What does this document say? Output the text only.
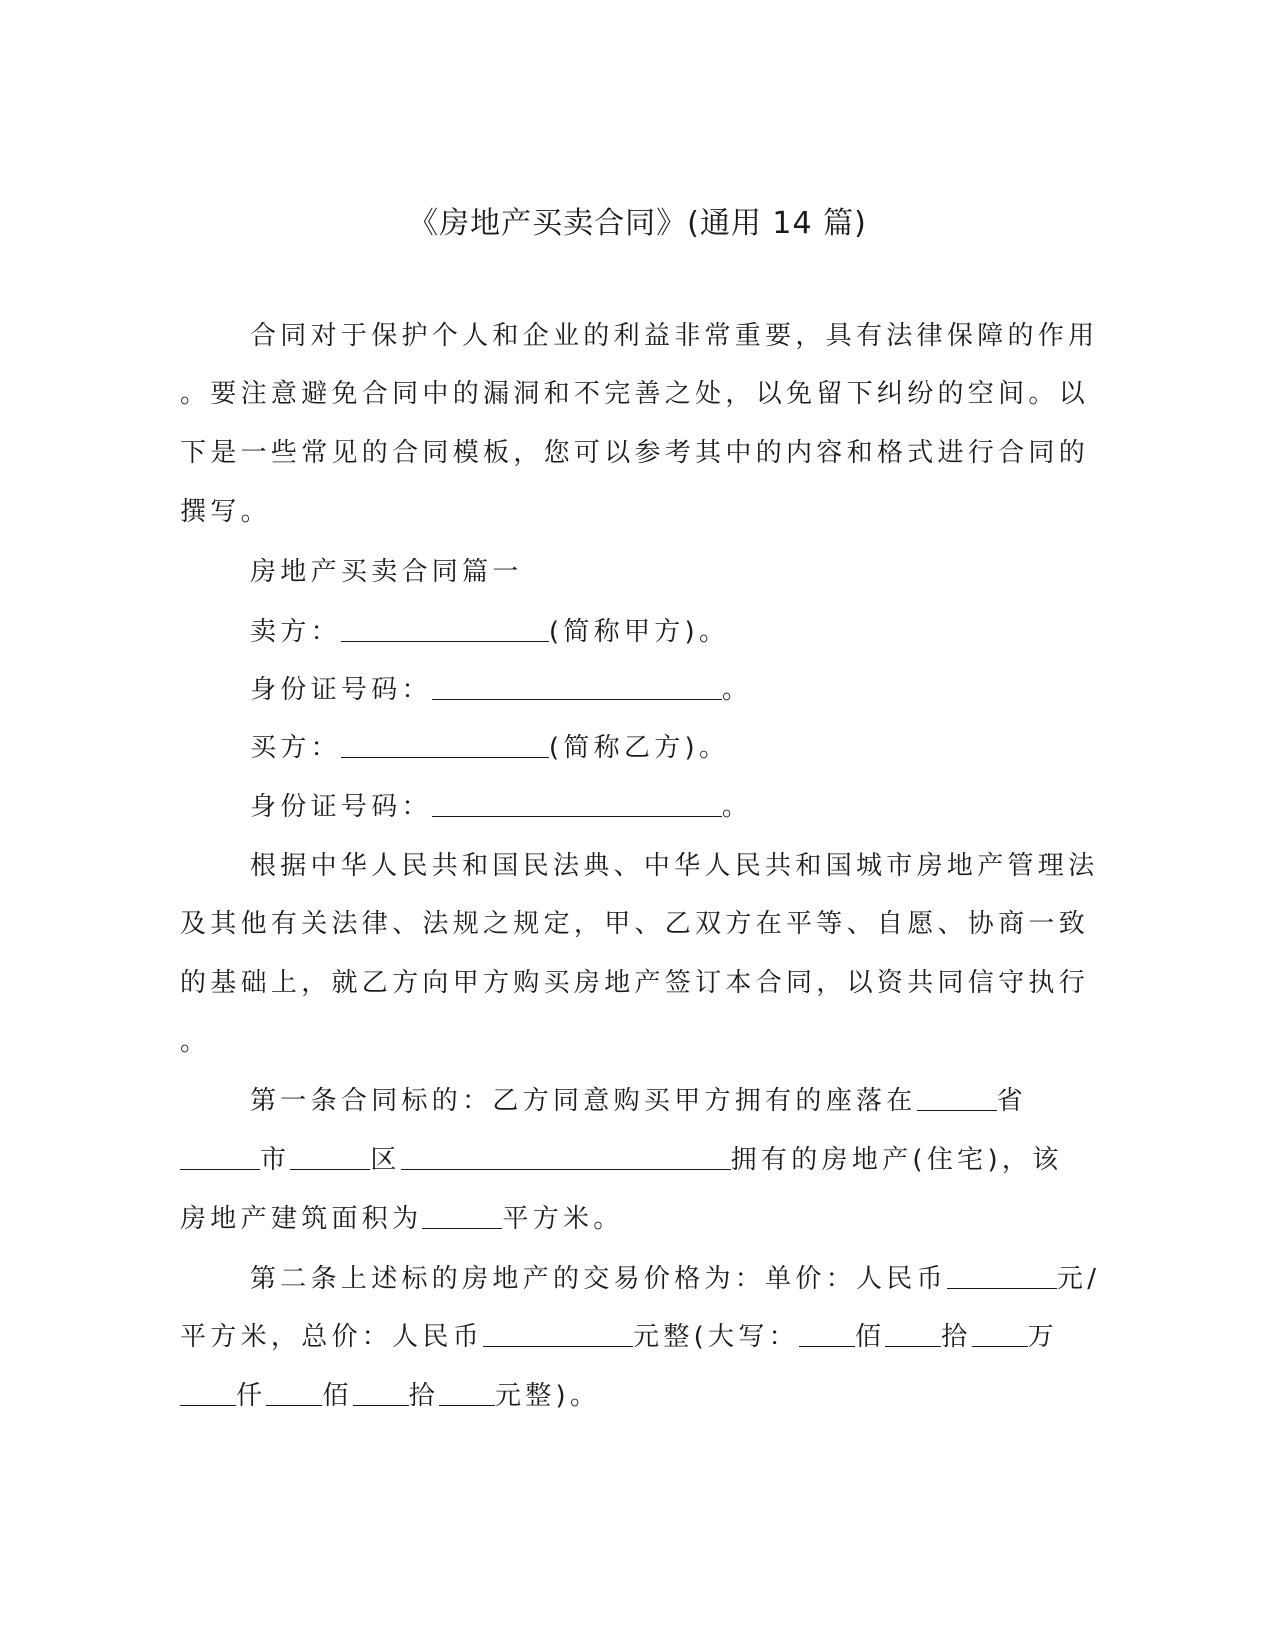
《房地产买卖合同》(通用 14 篇)
合同对于保护个人和企业的利益非常重要，具有法律保障的作用
。要注意避免合同中的漏洞和不完善之处，以免留下纠纷的空间。以
下是一些常见的合同模板，您可以参考其中的内容和格式进行合同的
撰写。
房地产买卖合同篇一
卖方：	(简称甲方)。
身份证号码：	。
买方：	(简称乙方)。
身份证号码：	。
根据中华人民共和国民法典、中华人民共和国城市房地产管理法
及其他有关法律、法规之规定，甲、乙双方在平等、自愿、协商一致
的基础上，就乙方向甲方购买房地产签订本合同，以资共同信守执行
。
第一条合同标的：乙方同意购买甲方拥有的座落在	省
市	区	拥有的房地产(住宅)，该
房地产建筑面积为	平方米。
第二条上述标的房地产的交易价格为：单价：人民币	元/
平方米，总价：人民币	元整(大写： 佰 拾 万
仟 佰 拾 元整)。
